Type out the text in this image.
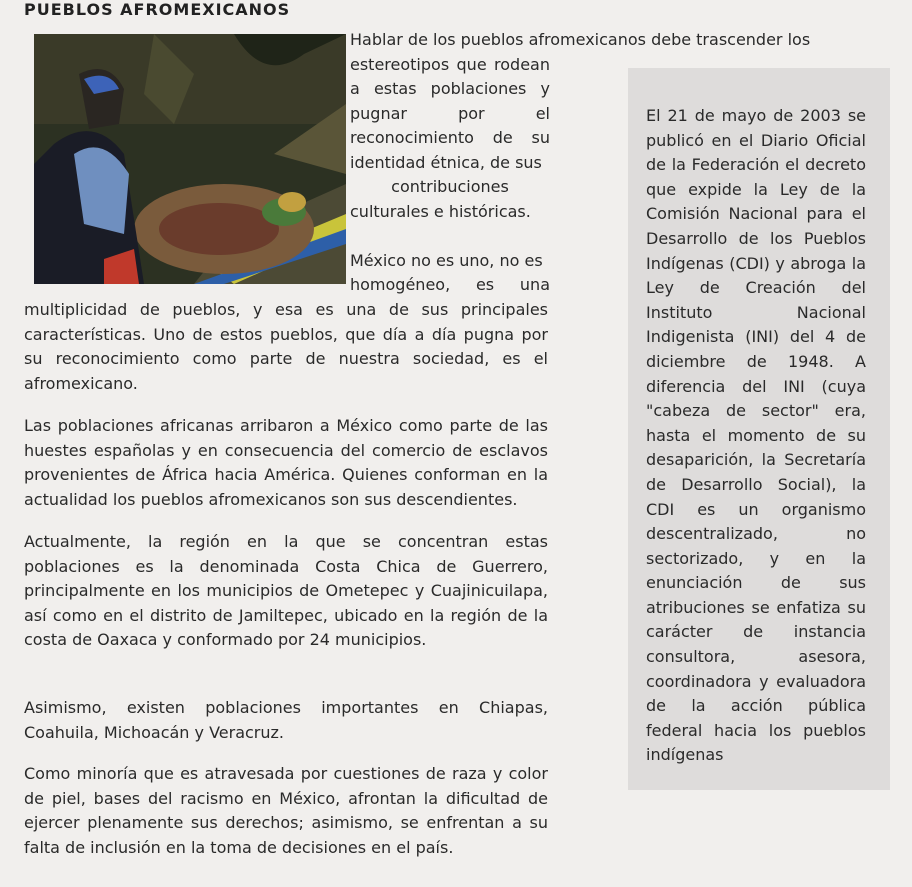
PUEBLOS AFROMEXICANOS
Hablar de los pueblos afromexicanos debe trascender los
estereotipos que rodean
a estas poblaciones y
pugnar por el
reconocimiento de su
identidad étnica, de sus
contribuciones
culturales e históricas.
México no es uno, no es
homogéneo, es una
multiplicidad de pueblos, y esa es una de sus principales características. Uno de estos pueblos, que día a día pugna por su reconocimiento como parte de nuestra sociedad, es el afromexicano.
Las poblaciones africanas arribaron a México como parte de las huestes españolas y en consecuencia del comercio de esclavos provenientes de África hacia América. Quienes conforman en la actualidad los pueblos afromexicanos son sus descendientes.
Actualmente, la región en la que se concentran estas poblaciones es la denominada Costa Chica de Guerrero, principalmente en los municipios de Ometepec y Cuajinicuilapa, así como en el distrito de Jamiltepec, ubicado en la región de la costa de Oaxaca y conformado por 24 municipios.
Asimismo, existen poblaciones importantes en Chiapas, Coahuila, Michoacán y Veracruz.
Como minoría que es atravesada por cuestiones de raza y color de piel, bases del racismo en México, afrontan la dificultad de ejercer plenamente sus derechos; asimismo, se enfrentan a su falta de inclusión en la toma de decisiones en el país.
El 21 de mayo de 2003 se publicó en el Diario Oficial de la Federación el decreto que expide la Ley de la Comisión Nacional para el Desarrollo de los Pueblos Indígenas (CDI) y abroga la Ley de Creación del Instituto Nacional Indigenista (INI) del 4 de diciembre de 1948. A diferencia del INI (cuya "cabeza de sector" era, hasta el momento de su desaparición, la Secretaría de Desarrollo Social), la CDI es un organismo descentralizado, no sectorizado, y en la enunciación de sus atribuciones se enfatiza su carácter de instancia consultora, asesora, coordinadora y evaluadora de la acción pública federal hacia los pueblos indígenas
